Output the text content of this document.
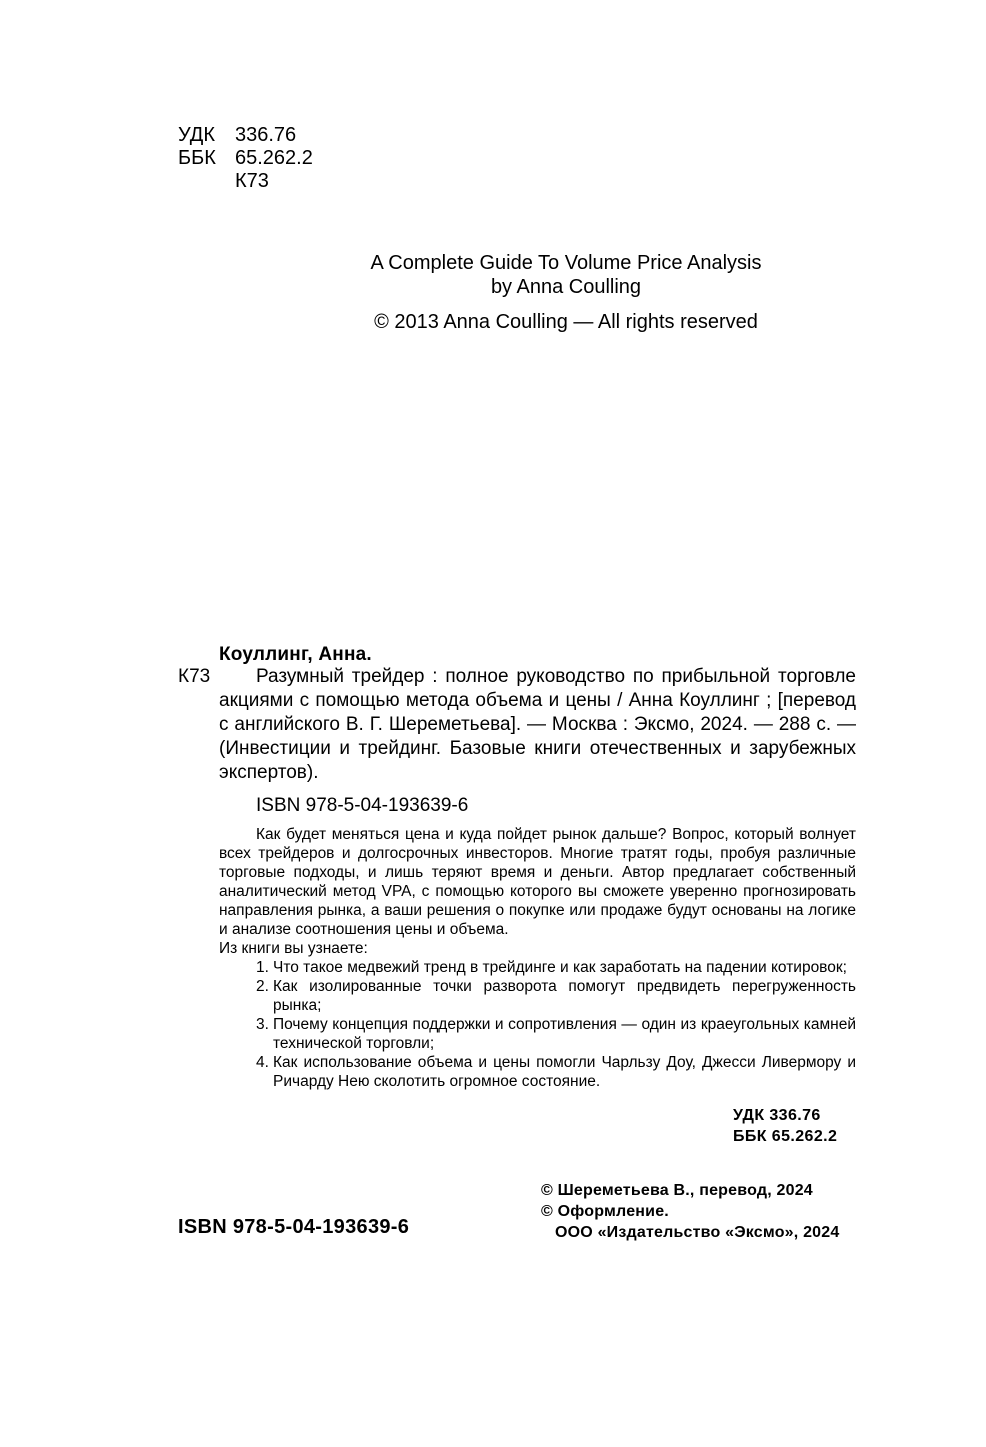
УДК 336.76
ББК 65.262.2
К73
A Complete Guide To Volume Price Analysis
by Anna Coulling
© 2013 Anna Coulling — All rights reserved
Коуллинг, Анна.
К73	Разумный трейдер : полное руководство по прибыльной торговле акциями с помощью метода объема и цены / Анна Коуллинг ; [перевод с английского В. Г. Шереметьева]. — Москва : Эксмо, 2024. — 288 с. — (Инвестиции и трейдинг. Базовые книги отечественных и зарубежных экспертов).
ISBN 978-5-04-193639-6

Как будет меняться цена и куда пойдет рынок дальше? Вопрос, который волнует всех трейдеров и долгосрочных инвесторов. Многие тратят годы, пробуя различные торговые подходы, и лишь теряют время и деньги. Автор предлагает собственный аналитический метод VPA, с помощью которого вы сможете уверенно прогнозировать направления рынка, а ваши решения о покупке или продаже будут основаны на логике и анализе соотношения цены и объема.

Из книги вы узнаете:

1. Что такое медвежий тренд в трейдинге и как заработать на падении котировок;
2. Как изолированные точки разворота помогут предвидеть перегруженность рынка;
3. Почему концепция поддержки и сопротивления — один из краеугольных камней технической торговли;
4. Как использование объема и цены помогли Чарльзу Доу, Джесси Ливермору и Ричарду Нею сколотить огромное состояние.
УДК 336.76
ББК 65.262.2
© Шереметьева В., перевод, 2024
© Оформление.
ООО «Издательство «Эксмо», 2024
ISBN 978-5-04-193639-6
